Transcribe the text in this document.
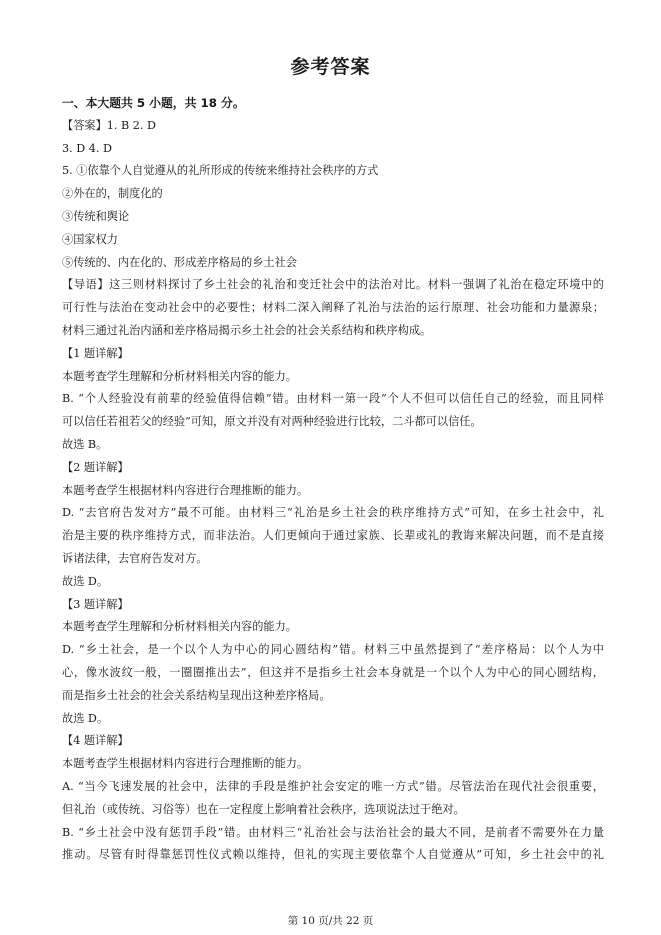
参考答案
一、本大题共 5 小题，共 18 分。
【答案】1. B 2. D
3. D 4. D
5. ①依靠个人自觉遵从的礼所形成的传统来维持社会秩序的方式
②外在的，制度化的
③传统和舆论
④国家权力
⑤传统的、内在化的、形成差序格局的乡土社会
【导语】这三则材料探讨了乡土社会的礼治和变迁社会中的法治对比。材料一强调了礼治在稳定环境中的
可行性与法治在变动社会中的必要性；材料二深入阐释了礼治与法治的运行原理、社会功能和力量源泉；
材料三通过礼治内涵和差序格局揭示乡土社会的社会关系结构和秩序构成。
【1 题详解】
本题考查学生理解和分析材料相关内容的能力。
B. “个人经验没有前辈的经验值得信赖”错。由材料一第一段“个人不但可以信任自己的经验，而且同样
可以信任若祖若父的经验”可知，原文并没有对两种经验进行比较，二斗都可以信任。
故选 B。
【2 题详解】
本题考查学生根据材料内容进行合理推断的能力。
D. “去官府告发对方”最不可能。由材料三“礼治是乡土社会的秩序维持方式”可知，在乡土社会中，礼
治是主要的秩序维持方式，而非法治。人们更倾向于通过家族、长辈或礼的教诲来解决问题，而不是直接
诉诸法律，去官府告发对方。
故选 D。
【3 题详解】
本题考查学生理解和分析材料相关内容的能力。
D. “乡土社会，是一个以个人为中心的同心圆结构”错。材料三中虽然提到了“差序格局：以个人为中
心，像水波纹一般，一圈圈推出去”，但这并不是指乡土社会本身就是一个以个人为中心的同心圆结构，
而是指乡土社会的社会关系结构呈现出这种差序格局。
故选 D。
【4 题详解】
本题考查学生根据材料内容进行合理推断的能力。
A. “当今飞速发展的社会中，法律的手段是维护社会安定的唯一方式”错。尽管法治在现代社会很重要，
但礼治（或传统、习俗等）也在一定程度上影响着社会秩序，选项说法过于绝对。
B. “乡土社会中没有惩罚手段”错。由材料三“礼治社会与法治社会的最大不同，是前者不需要外在力量
推动。尽管有时得靠惩罚性仪式赖以维持，但礼的实现主要依靠个人自觉遵从”可知，乡土社会中的礼
第 10 页/共 22 页
